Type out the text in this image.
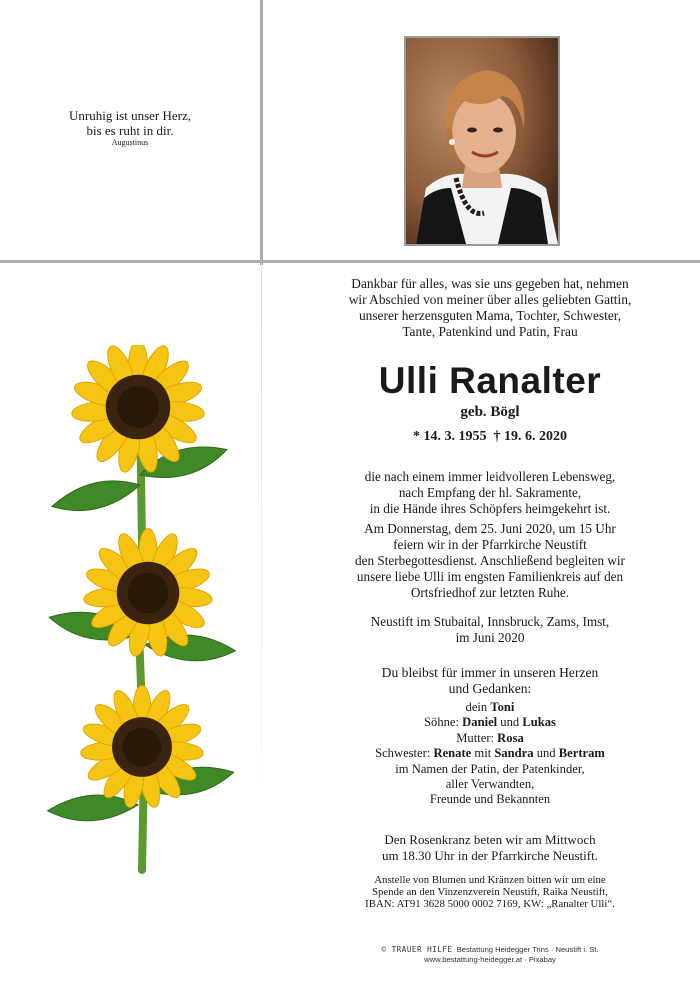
Unruhig ist unser Herz,
bis es ruht in dir.
Augustinus
Dankbar für alles, was sie uns gegeben hat, nehmen
wir Abschied von meiner über alles geliebten Gattin,
unserer herzensguten Mama, Tochter, Schwester,
Tante, Patenkind und Patin, Frau
Ulli Ranalter
geb. Bögl
* 14. 3. 1955  † 19. 6. 2020
die nach einem immer leidvolleren Lebensweg,
nach Empfang der hl. Sakramente,
in die Hände ihres Schöpfers heimgekehrt ist.
Am Donnerstag, dem 25. Juni 2020, um 15 Uhr
feiern wir in der Pfarrkirche Neustift
den Sterbegottesdienst. Anschließend begleiten wir
unsere liebe Ulli im engsten Familienkreis auf den
Ortsfriedhof zur letzten Ruhe.
Neustift im Stubaital, Innsbruck, Zams, Imst,
im Juni 2020
Du bleibst für immer in unseren Herzen
und Gedanken:
dein Toni
Söhne: Daniel und Lukas
Mutter: Rosa
Schwester: Renate mit Sandra und Bertram
im Namen der Patin, der Patenkinder,
aller Verwandten,
Freunde und Bekannten
Den Rosenkranz beten wir am Mittwoch
um 18.30 Uhr in der Pfarrkirche Neustift.
Anstelle von Blumen und Kränzen bitten wir um eine
Spende an den Vinzenzverein Neustift, Raika Neustift,
IBAN: AT91 3628 5000 0002 7169, KW: „Ranalter Ulli“.
© TRAUER HILFE  Bestattung Heidegger Trins · Neustift i. St.
www.bestattung-heidegger.at · Pixabay
